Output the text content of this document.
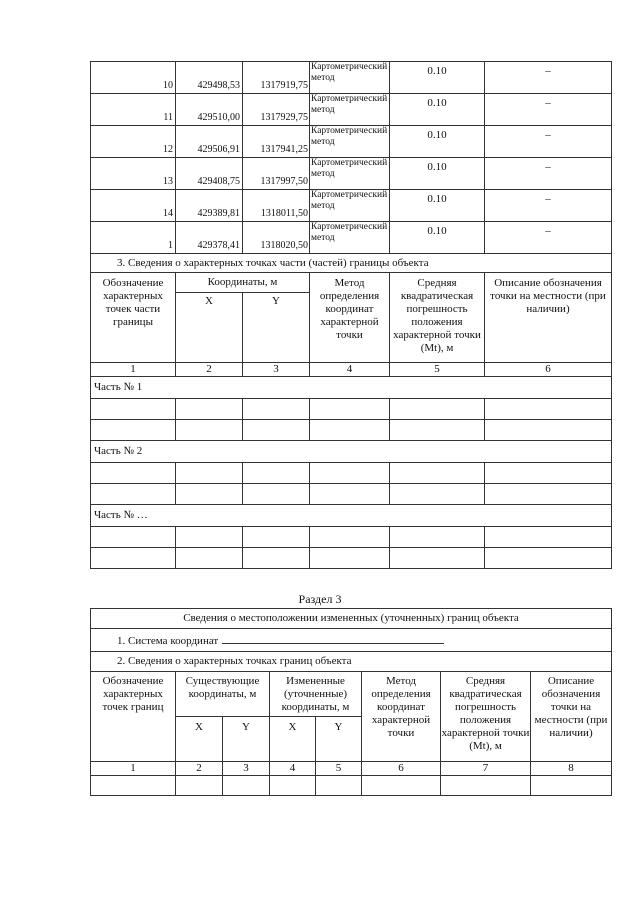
10	429498,53	1317919,75	Картометрический метод	0.10	–
11	429510,00	1317929,75	Картометрический метод	0.10	–
12	429506,91	1317941,25	Картометрический метод	0.10	–
13	429408,75	1317997,50	Картометрический метод	0.10	–
14	429389,81	1318011,50	Картометрический метод	0.10	–
1	429378,41	1318020,50	Картометрический метод	0.10	–
3. Сведения о характерных точках части (частей) границы объекта					
Обозначение характерных точек части границы	Координаты, м		Метод определения координат характерной точки	Средняя квадратическая погрешность положения характерной точки (Mt), м	Описание обозначения точки на местности (при наличии)
	X	Y			
1	2	3	4	5	6
Часть № 1					

Часть № 2					

Часть № …					

Раздел 3
Сведения о местоположении измененных (уточненных) границ объекта							
1. Система координат							
2. Сведения о характерных точках границ объекта							
Обозначение характерных точек границ	Существующие координаты, м		Измененные (уточненные) координаты, м		Метод определения координат характерной точки	Средняя квадратическая погрешность положения характерной точки (Mt), м	Описание обозначения точки на местности (при наличии)
	X	Y	X	Y			
1	2	3	4	5	6	7	8
